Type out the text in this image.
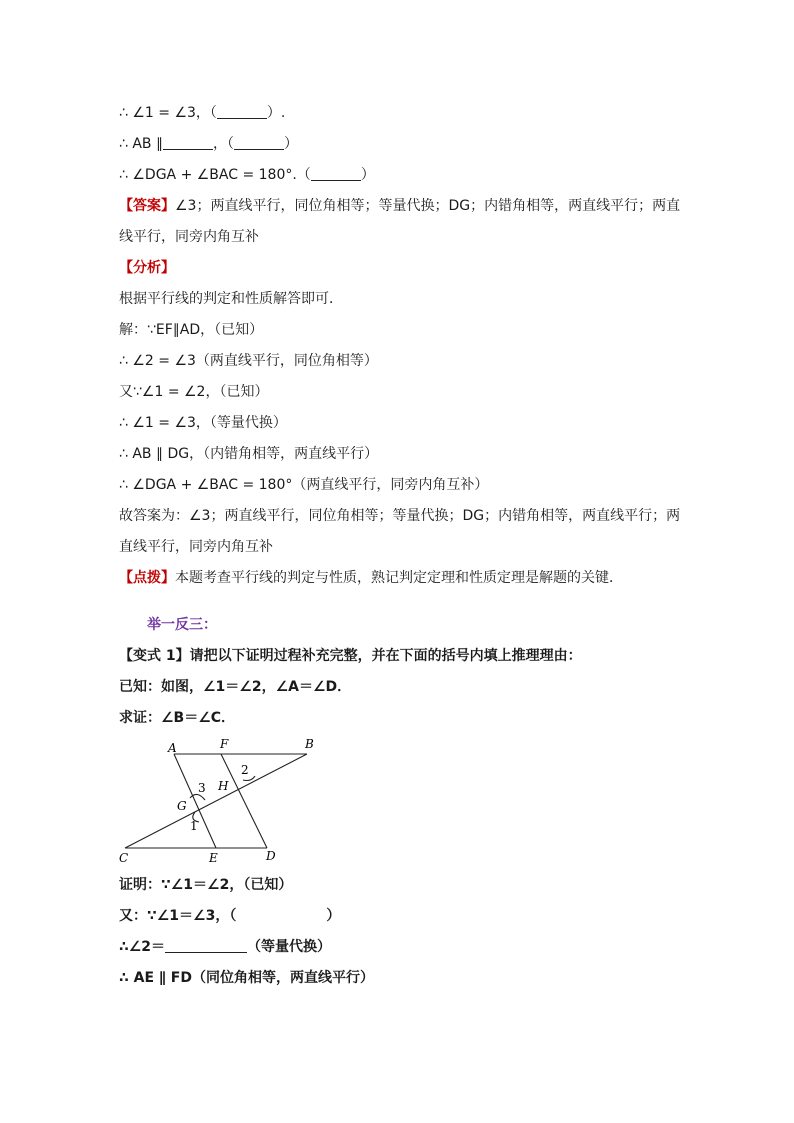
∴ ∠1 = ∠3，（	）.
∴ AB ∥	，（	）
∴ ∠DGA + ∠BAC = 180°.（	）
【答案】∠3；两直线平行，同位角相等；等量代换；DG；内错角相等，两直线平行；两直线平行，同旁内角互补
【分析】
根据平行线的判定和性质解答即可．
解：∵EF∥AD，（已知）
∴ ∠2 = ∠3（两直线平行，同位角相等）
又∵∠1 = ∠2，（已知）
∴ ∠1 = ∠3，（等量代换）
∴ AB ∥ DG，（内错角相等，两直线平行）
∴ ∠DGA + ∠BAC = 180°（两直线平行，同旁内角互补）
故答案为：∠3；两直线平行，同位角相等；等量代换；DG；内错角相等，两直线平行；两直线平行，同旁内角互补
【点拨】本题考查平行线的判定与性质，熟记判定定理和性质定理是解题的关键．
举一反三：
【变式 1】请把以下证明过程补充完整，并在下面的括号内填上推理理由：
已知：如图，∠1＝∠2，∠A＝∠D．
求证：∠B＝∠C．
A	F	B
G
H
C	E	D
1
2
3
证明：∵∠1＝∠2，（已知）
又：∵∠1＝∠3，（	）
∴∠2＝	（等量代换）
∴ AE ∥ FD（同位角相等，两直线平行）
